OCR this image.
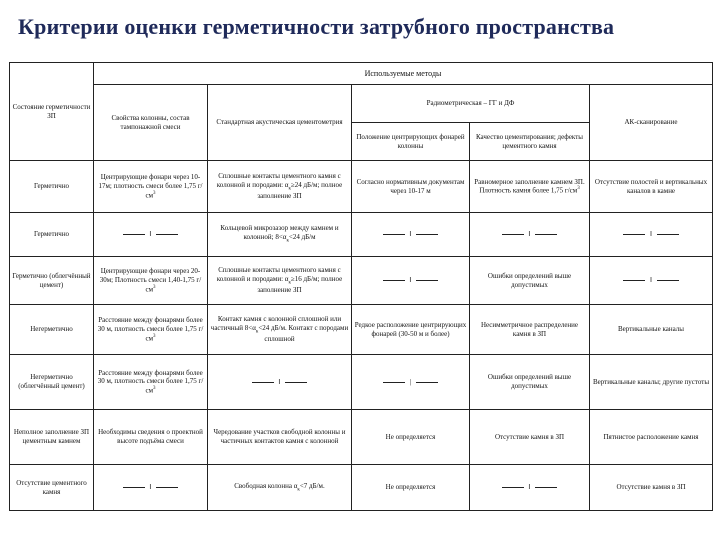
Критерии оценки герметичности затрубного пространства
Состояние герметичности ЗП	Используемые методы				
	Свойства колонны, состав тампонажной смеси	Стандартная акустическая цементометрия	Радиометрическая – ГГ и ДФ		АК-сканирование
			Положение центрирующих фонарей колонны	Качество цементирования; дефекты цементного камня	
Герметично	Центрирующие фонари через 10-17м; плотность смеси более 1,75 $г/см^3$	Сплошные контакты цементного камня с колонной и породами: $\alpha_к\ge 24$ дБ/м; полное заполнение ЗП	Согласно нормативным документам через 10-17 м	Равномерное заполнение камнем ЗП. Плотность камня более 1,75 $г/см^3$	Отсутствие полостей и вертикальных каналов в камне
Герметично	‖	Кольцевой микрозазор между камнем и колонной; $8<\alpha_к<24$ дБ/м	‖	‖	‖
Герметично (облегчённый цемент)	Центрирующие фонари через 20-30м; Плотность смеси 1,40-1,75 $г/см^3$	Сплошные контакты цементного камня с колонной и породами: $\alpha_к\ge 16$ дБ/м; полное заполнение ЗП	‖	Ошибки определений выше допустимых	‖
Негерметично	Расстояние между фонарями более 30 м, плотность смеси более 1,75 $г/см^3$	Контакт камня с колонной сплошной или частичный $8<\alpha_к<24$ дБ/м. Контакт с породами сплошной	Редкое расположение центрирующих фонарей (30-50 м и более)	Несимметричное распределение камня в ЗП	Вертикальные каналы
Негерметично (облегчённый цемент)	Расстояние между фонарями более 30 м, плотность смеси более 1,75 $г/см^3$	‖	|	Ошибки определений выше допустимых	Вертикальные каналы; другие пустоты
Неполное заполнение ЗП цементным камнем	Необходимы сведения о проектной высоте подъёма смеси	Чередование участков свободной колонны и частичных контактов камня с колонной	Не определяется	Отсутствие камня в ЗП	Пятнистое расположение камня
Отсутствие цементного камня	‖	Свободная колонна $\alpha_к<7$ дБ/м.	Не определяется	‖	Отсутствие камня в ЗП
